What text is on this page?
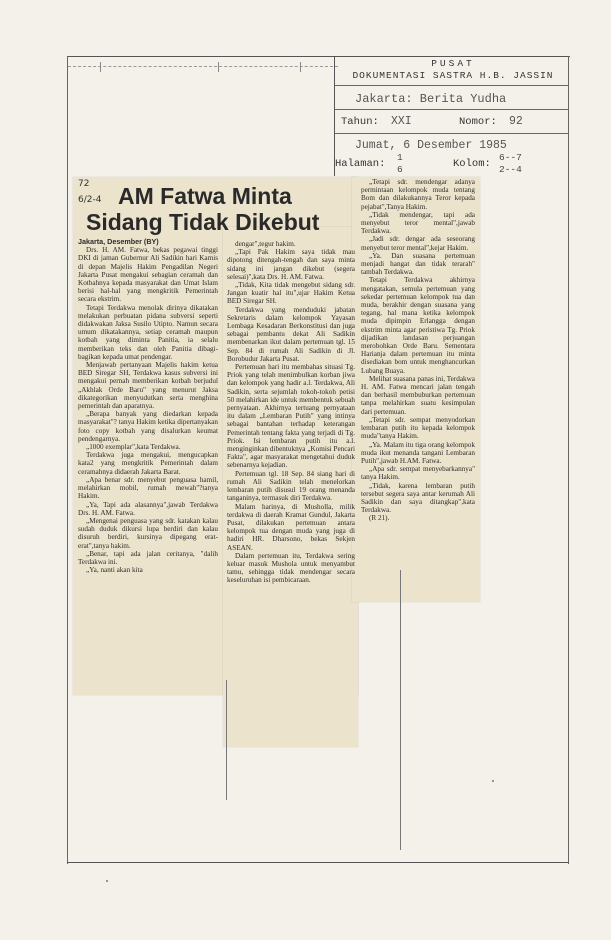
PUSAT
DOKUMENTASI SASTRA H.B. JASSIN
Jakarta: Berita Yudha
Tahun: XXI	Nomor: 92
Jumat, 6 Desember 1985
Halaman:
1
6	Kolom:
6--7
2--4
72
6/2-4 AM Fatwa Minta
Sidang Tidak Dikebut

Jakarta, Desember (BY)

Drs. H. AM. Fatwa, bekas pegawai tinggi DKI di jaman Gubernur Ali Sadikin hari Kamis di depan Majelis Hakim Pengadilan Negeri Jakarta Pusat mengakui sebagian ceramah dan Kotbahnya kepada masyarakat dan Umat Islam berisi hal-hal yang mengkritik Pemerintah secara ekstrim.

Tetapi Terdakwa menolak dirinya dikatakan melakukan perbuatan pidana subversi seperti didakwakan Jaksa Susilo Utipto. Namun secara umum dikatakannya, setiap ceramah maupun kotbah yang diminta Panitia, ia selalu memberikan teks dan oleh Panitia dibagi-bagikan kepada umat pendengar.

Menjawab pertanyaan Majelis hakim ketua BED Siregar SH, Terdakwa kasus subversi ini mengakui pernah memberikan kotbah berjudul „Akhlak Orde Baru" yang menurut Jaksa dikategorikan menyudutkan serta menghina pemerintah dan aparatnya.

„Berapa banyak yang diedarkan kepada masyarakat"? tanya Hakim ketika dipertanyakan foto copy kotbah yang disalurkan keumat pendengarnya.

„1000 exemplar",kata Terdakwa.

Terdakwa juga mengakui, mengucapkan kata2 yang mengkritik Pemerintah dalam ceramahnya didaerah Jakarta Barat.

„Apa benar sdr. menyebut penguasa hamil, melahirkan mobil, rumah mewah"?tanya Hakim.

„Ya, Tapi ada alasannya",jawab Terdakwa Drs. H. AM. Fatwa.

„Mengenai penguasa yang sdr. katakan kalau sudah duduk dikursi lupa berdiri dan kalau disuruh berdiri, kursinya dipegang erat-erat",tanya hakim.

„Benar, tapi ada jalan ceritanya, "dalih Terdakwa ini.

„Ya, nanti akan kita

dengar",tegur hakim.

„Tapi Pak Hakim saya tidak mau dipotong ditengah-tengah dan saya minta sidang ini jangan dikebut (segera selesai)",kata Drs. H. AM. Fatwa.

„Tidak, Kita tidak mengebut sidang sdr. Jangan kuatir hal itu",ujar Hakim Ketua BED Siregar SH.

Terdakwa yang menduduki jabatan Sekretaris dalam kelompok Yayasan Lembaga Kesadaran Berkonstitusi dan juga sebagai pembantu dekat Ali Sadikin membenarkan ikut dalam pertemuan tgl. 15 Sep. 84 di rumah Ali Sadikin di Jl. Borobudur Jakarta Pusat.

Pertemuan hari itu membahas situasi Tg. Priok yang telah menimbulkan korban jiwa dan kelompok yang hadir a.l. Terdakwa, Ali Sadikin, serta sejumlah tokoh-tokoh petisi 50 melahirkan ide untuk membentuk sebuah pernyataan. Akhirnya tertuang pernyataan itu dalam „Lembaran Putih" yang intinya sebagai bantahan terhadap keterangan Pemerintah tentang fakta yang terjadi di Tg. Priok. Isi lembaran putih itu a.l. menginginkan dibentuknya „Komisi Pencari Fakta", agar masyarakat mengetahui duduk sebenarnya kejadian.

Pertemuan tgl. 18 Sep. 84 siang hari di rumah Ali Sadikin telah menelorkan lembaran putih disusul 19 orang menanda tanganinya, termasuk diri Terdakwa.

Malam harinya, di Musholla, milik terdakwa di daerah Kramat Gundul, Jakarta Pusat, dilakukan pertemuan antara kelompok tua dengan muda yang juga di hadiri HR. Dharsono, bekas Sekjen ASEAN.

Dalam pertemuan itu, Terdakwa sering keluar masuk Mushola untuk menyambut tamu, sehingga tidak mendengar secara keseluruhan isi pembicaraan.

„Tetapi sdr. mendengar adanya permintaan kelompok muda tentang Bom dan dilakukannya Teror kepada pejabat",Tanya Hakim.

„Tidak mendengar, tapi ada menyebut teror mental",jawab Terdakwa.

„Jadi sdr. dengar ada seseorang menyebut teror mental",kejar Hakim.

„Ya. Dan suasana pertemuan menjadi hangat dan tidak terarah" tambah Terdakwa.

Tetapi Terdakwa akhirnya mengatakan, semula pertemuan yang sekedar pertemuan kelompok tua dan muda, berakhir dengan suasana yang tegang, hal mana ketika kelompok muda dipimpin Erlangga dengan ekstrim minta agar peristiwa Tg. Priok dijadikan landasan perjuangan merobohkan Orde Baru. Sementara Harianja dalam pertemuan itu minta disediakan bom untuk menghancurkan Lubang Buaya.

Melihat suasana panas ini, Terdakwa H. AM. Fatwa mencari jalan tengah dan berhasil membuburkan pertemuan tanpa melahirkan suatu kesimpulan dari pertemuan.

„Tetapi sdr. sempat menyodorkan lembaran putih itu kepada kelompok muda"tanya Hakim.

„Ya. Malam itu tiga orang kelompok muda ikut menanda tangani Lembaran Putih",jawab H.AM. Fatwa.

„Apa sdr. sempat menyebarkannya" tanya Hakim.

„Tidak, karena lembaran putih tersebut segera saya antar kerumah Ali Sadikin dan saya ditangkap",kata Terdakwa.

(R 21).
